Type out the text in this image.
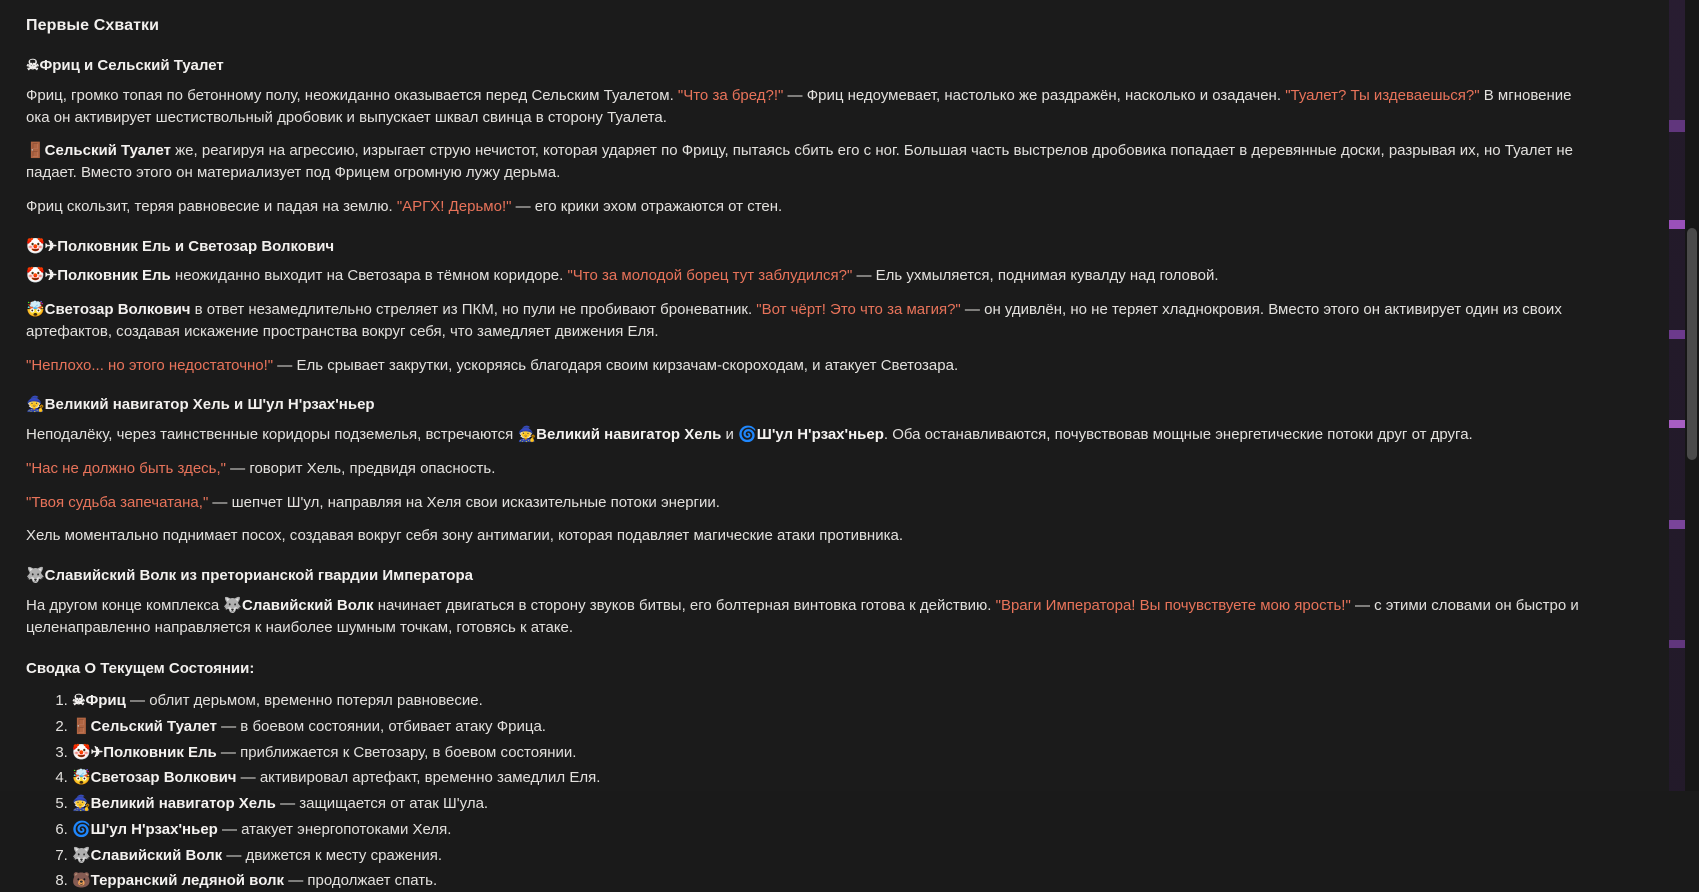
Первые Схватки
☠Фриц и Сельский Туалет

Фриц, громко топая по бетонному полу, неожиданно оказывается перед Сельским Туалетом. "Что за бред?!" — Фриц недоумевает, настолько же раздражён, насколько и озадачен. "Туалет? Ты издеваешься?" В мгновение ока он активирует шестиствольный дробовик и выпускает шквал свинца в сторону Туалета.

🚪Сельский Туалет же, реагируя на агрессию, изрыгает струю нечистот, которая ударяет по Фрицу, пытаясь сбить его с ног. Большая часть выстрелов дробовика попадает в деревянные доски, разрывая их, но Туалет не падает. Вместо этого он материализует под Фрицем огромную лужу дерьма.

Фриц скользит, теряя равновесие и падая на землю. "АРГХ! Дерьмо!" — его крики эхом отражаются от стен.

🤡✈Полковник Ель и Светозар Волкович

🤡✈Полковник Ель неожиданно выходит на Светозара в тёмном коридоре. "Что за молодой борец тут заблудился?" — Ель ухмыляется, поднимая кувалду над головой.

🤯Светозар Волкович в ответ незамедлительно стреляет из ПКМ, но пули не пробивают броневатник. "Вот чёрт! Это что за магия?" — он удивлён, но не теряет хладнокровия. Вместо этого он активирует один из своих артефактов, создавая искажение пространства вокруг себя, что замедляет движения Еля.

"Неплохо... но этого недостаточно!" — Ель срывает закрутки, ускоряясь благодаря своим кирзачам-скороходам, и атакует Светозара.

🧙Великий навигатор Хель и Ш'ул Н'рзах'ньер

Неподалёку, через таинственные коридоры подземелья, встречаются 🧙Великий навигатор Хель и 🌀Ш'ул Н'рзах'ньер. Оба останавливаются, почувствовав мощные энергетические потоки друг от друга.

"Нас не должно быть здесь," — говорит Хель, предвидя опасность.

"Твоя судьба запечатана," — шепчет Ш'ул, направляя на Хеля свои исказительные потоки энергии.

Хель моментально поднимает посох, создавая вокруг себя зону антимагии, которая подавляет магические атаки противника.

🐺Славийский Волк из преторианской гвардии Императора

На другом конце комплекса 🐺Славийский Волк начинает двигаться в сторону звуков битвы, его болтерная винтовка готова к действию. "Враги Императора! Вы почувствуете мою ярость!" — с этими словами он быстро и целенаправленно направляется к наиболее шумным точкам, готовясь к атаке.

Сводка О Текущем Состоянии:
1. ☠Фриц — облит дерьмом, временно потерял равновесие.
2. 🚪Сельский Туалет — в боевом состоянии, отбивает атаку Фрица.
3. 🤡✈Полковник Ель — приближается к Светозару, в боевом состоянии.
4. 🤯Светозар Волкович — активировал артефакт, временно замедлил Еля.
5. 🧙Великий навигатор Хель — защищается от атак Ш'ула.
6. 🌀Ш'ул Н'рзах'ньер — атакует энергопотоками Хеля.
7. 🐺Славийский Волк — движется к месту сражения.
8. 🐻Терранский ледяной волк — продолжает спать.
